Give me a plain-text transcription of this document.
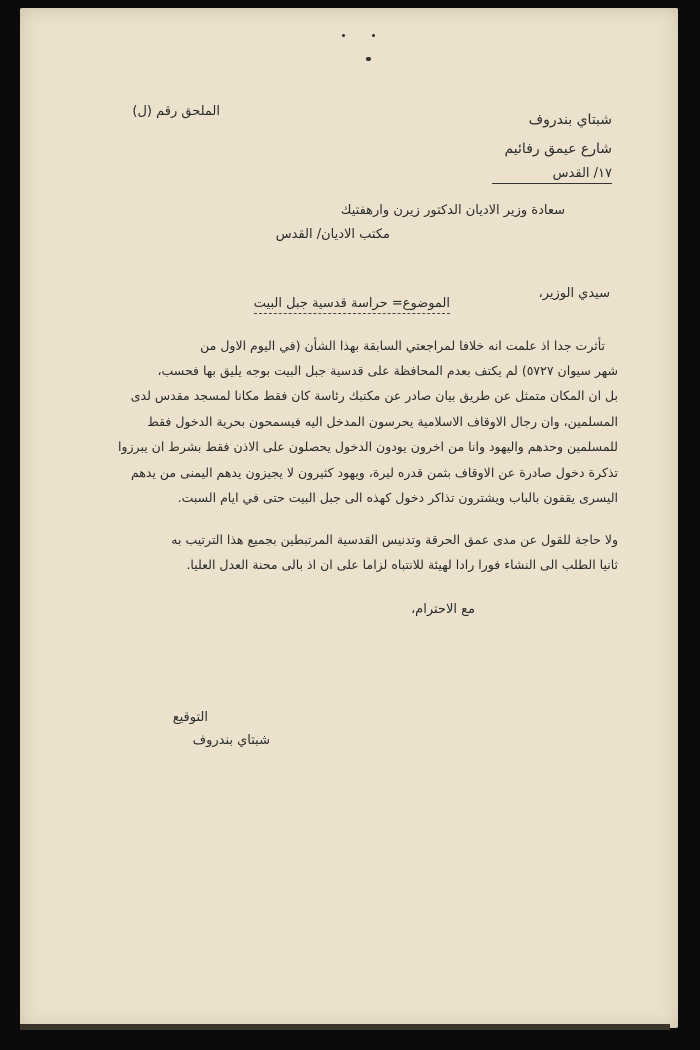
الملحق رقم (ل)
شبتاي بندروف
شارع عيمق رفائيم
١٧/ القدس
سعادة وزير الاديان الدكتور زيرن وارهفتيك
مكتب الاديان/ القدس
سيدي الوزير،
الموضوع= حراسة قدسية جبل البيت
تأثرت جدا اذ علمت انه خلافا لمراجعتي السابقة بهذا الشأن (في اليوم الاول من
شهر سيوان ٥٧٢٧) لم يكتف بعدم المحافظة على قدسية جبل البيت بوجه يليق بها فحسب،
بل ان المكان متمثل عن طريق بيان صادر عن مكتبك رئاسة كان فقط مكانا لمسجد مقدس لدى
المسلمين، وان رجال الاوقاف الاسلامية يحرسون المدخل اليه فيسمحون بحرية الدخول فقط
للمسلمين وحدهم واليهود وانا من اخرون يودون الدخول يحصلون على الاذن فقط بشرط ان يبرزوا
تذكرة دخول صادرة عن الاوقاف بثمن قدره ليرة، ويهود كثيرون لا يجيزون يدهم اليمنى من يدهم
اليسرى يقفون بالباب ويشترون تذاكر دخول كهذه الى جبل البيت حتى في ايام السبت.
ولا حاجة للقول عن مدى عمق الحرقة وتدنيس القدسية المرتبطين بجميع هذا الترتيب به
ثانيا الطلب الى النشاء فورا رادا لهيئة للانتباه لزاما على ان اذ بالى محنة العدل العليا.
مع الاحترام،
التوقيع
شبتاي بندروف
